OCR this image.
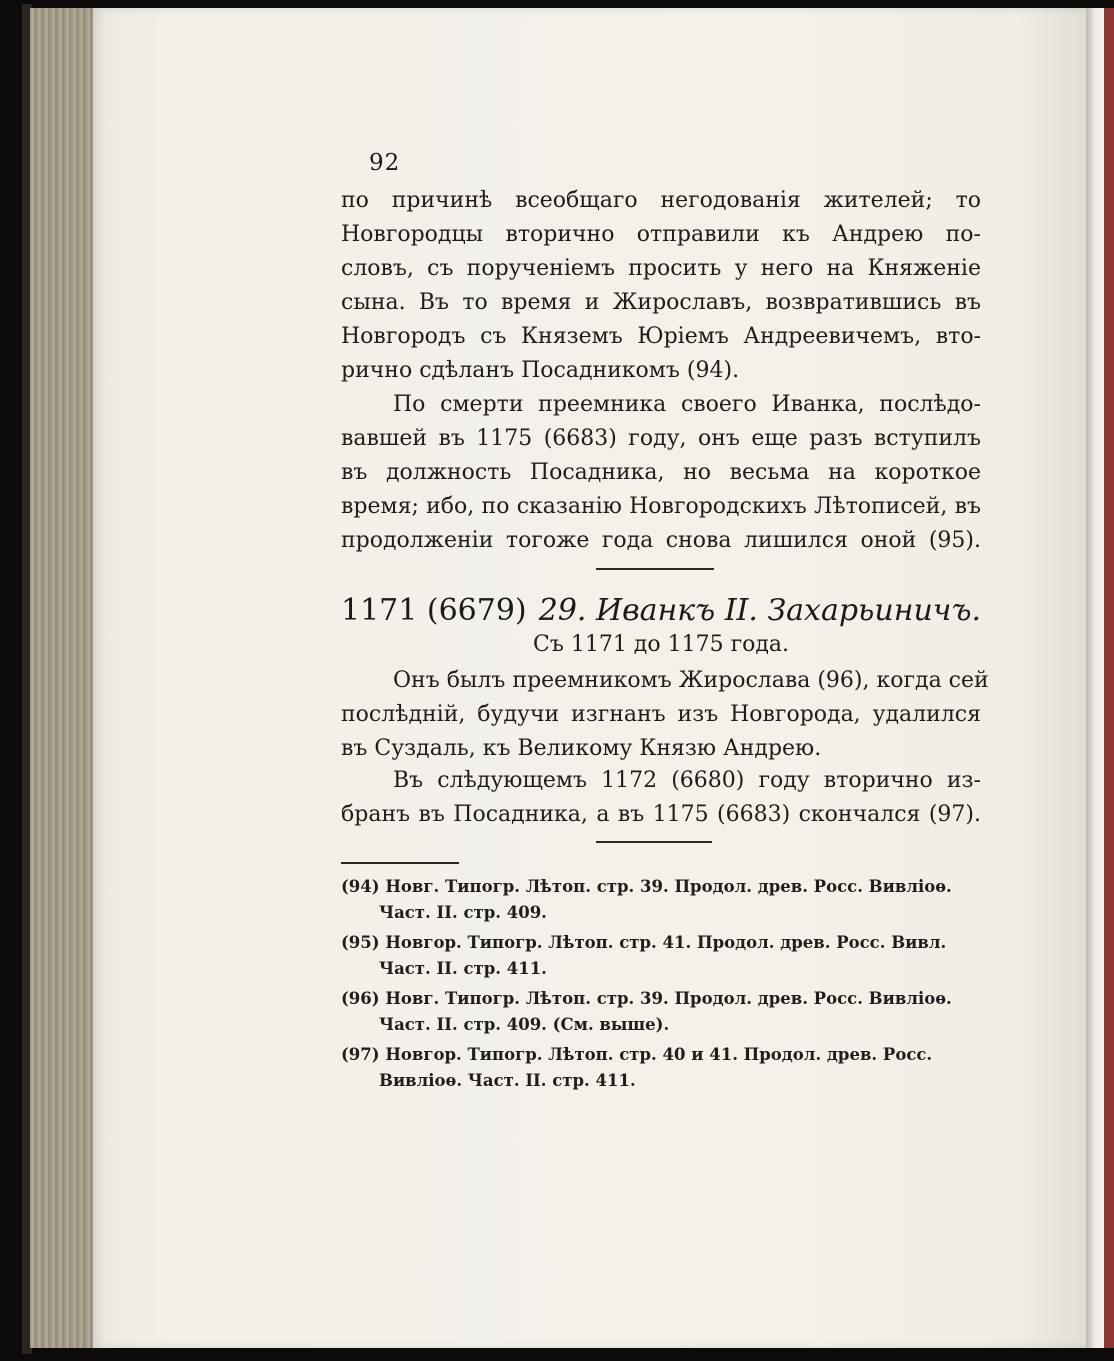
92
по причинѣ всеобщаго негодованія жителей; то
Новгородцы вторично отправили къ Андрею по-
словъ, съ порученіемъ просить у него на Княженіе
сына. Въ то время и Жирославъ, возвратившись въ
Новгородъ съ Княземъ Юріемъ Андреевичемъ, вто-
рично сдѣланъ Посадникомъ (94).
По смерти преемника своего Иванка, послѣдо-
вавшей въ 1175 (6683) году, онъ еще разъ вступилъ
въ должность Посадника, но весьма на короткое
время; ибо, по сказанію Новгородскихъ Лѣтописей, въ
продолженіи тогоже года снова лишился оной (95).
1171 (6679) 29. Иванкъ II. Захарьиничъ.
Съ 1171 до 1175 года.
Онъ былъ преемникомъ Жирослава (96), когда сей
послѣдній, будучи изгнанъ изъ Новгорода, удалился
въ Суздаль, къ Великому Князю Андрею.
Въ слѣдующемъ 1172 (6680) году вторично из-
бранъ въ Посадника, а въ 1175 (6683) скончался (97).
(94) Новг. Типогр. Лѣтоп. стр. 39. Продол. древ. Росс. Вивліоѳ.
Част. II. стр. 409.
(95) Новгор. Типогр. Лѣтоп. стр. 41. Продол. древ. Росс. Вивл.
Част. II. стр. 411.
(96) Новг. Типогр. Лѣтоп. стр. 39. Продол. древ. Росс. Вивліоѳ.
Част. II. стр. 409. (См. выше).
(97) Новгор. Типогр. Лѣтоп. стр. 40 и 41. Продол. древ. Росс.
Вивліоѳ. Част. II. стр. 411.
